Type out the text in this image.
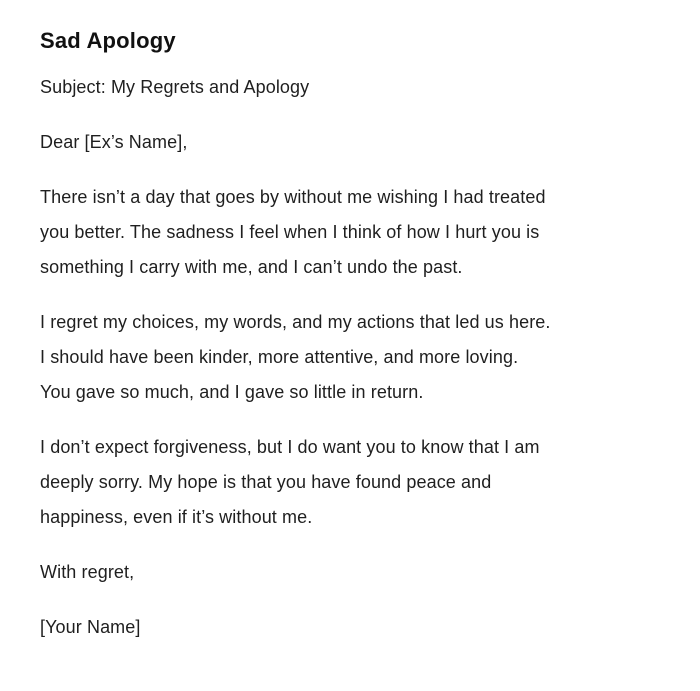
Sad Apology

Subject: My Regrets and Apology

Dear [Ex’s Name],

There isn’t a day that goes by without me wishing I had treated
you better. The sadness I feel when I think of how I hurt you is
something I carry with me, and I can’t undo the past.
I regret my choices, my words, and my actions that led us here.
I should have been kinder, more attentive, and more loving.
You gave so much, and I gave so little in return.
I don’t expect forgiveness, but I do want you to know that I am
deeply sorry. My hope is that you have found peace and
happiness, even if it’s without me.

With regret,

[Your Name]
